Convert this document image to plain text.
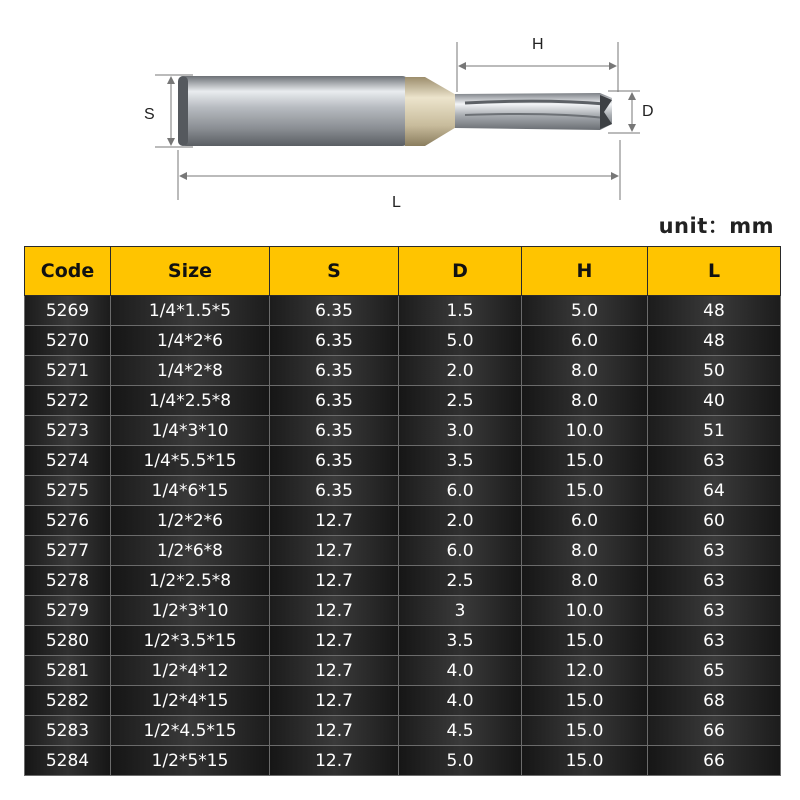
S	D
H
L
unit：mm
Code	Size	S	D	H	L
5269	1/4*1.5*5	6.35	1.5	5.0	48
5270	1/4*2*6	6.35	5.0	6.0	48
5271	1/4*2*8	6.35	2.0	8.0	50
5272	1/4*2.5*8	6.35	2.5	8.0	40
5273	1/4*3*10	6.35	3.0	10.0	51
5274	1/4*5.5*15	6.35	3.5	15.0	63
5275	1/4*6*15	6.35	6.0	15.0	64
5276	1/2*2*6	12.7	2.0	6.0	60
5277	1/2*6*8	12.7	6.0	8.0	63
5278	1/2*2.5*8	12.7	2.5	8.0	63
5279	1/2*3*10	12.7	3	10.0	63
5280	1/2*3.5*15	12.7	3.5	15.0	63
5281	1/2*4*12	12.7	4.0	12.0	65
5282	1/2*4*15	12.7	4.0	15.0	68
5283	1/2*4.5*15	12.7	4.5	15.0	66
5284	1/2*5*15	12.7	5.0	15.0	66
